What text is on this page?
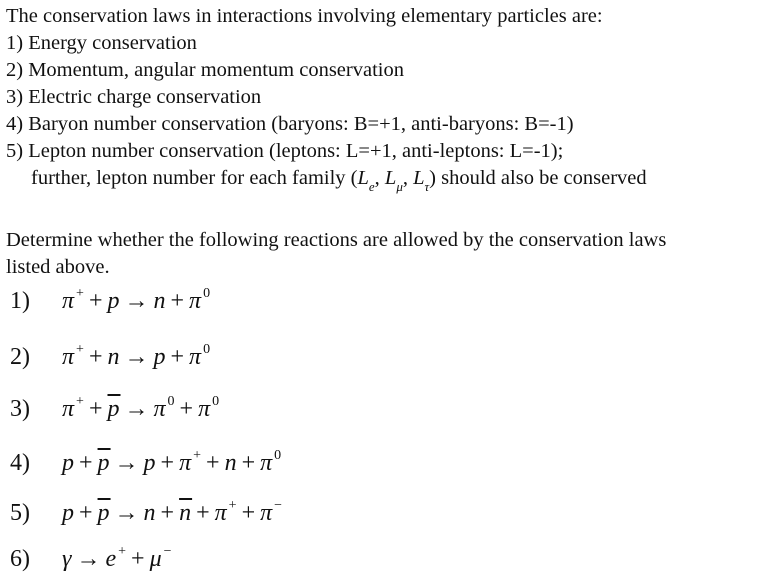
The conservation laws in interactions involving elementary particles are:
1) Energy conservation
2) Momentum, angular momentum conservation
3) Electric charge conservation
4) Baryon number conservation (baryons: B=+1, anti-baryons: B=-1)
5) Lepton number conservation (leptons: L=+1, anti-leptons: L=-1);
further, lepton number for each family ($L_e$, $L_\mu$, $L_\tau$) should also be conserved
Determine whether the following reactions are allowed by the conservation laws
listed above.
1) $\pi^+ + p \to n + \pi^0$
2) $\pi^+ + n \to p + \pi^0$
3) $\pi^+ + \overline{p} \to \pi^0 + \pi^0$
4) $p + \overline{p} \to p + \pi^+ + n + \pi^0$
5) $p + \overline{p} \to n + \overline{n} + \pi^+ + \pi^-$
6) γ → e+ + μ−
